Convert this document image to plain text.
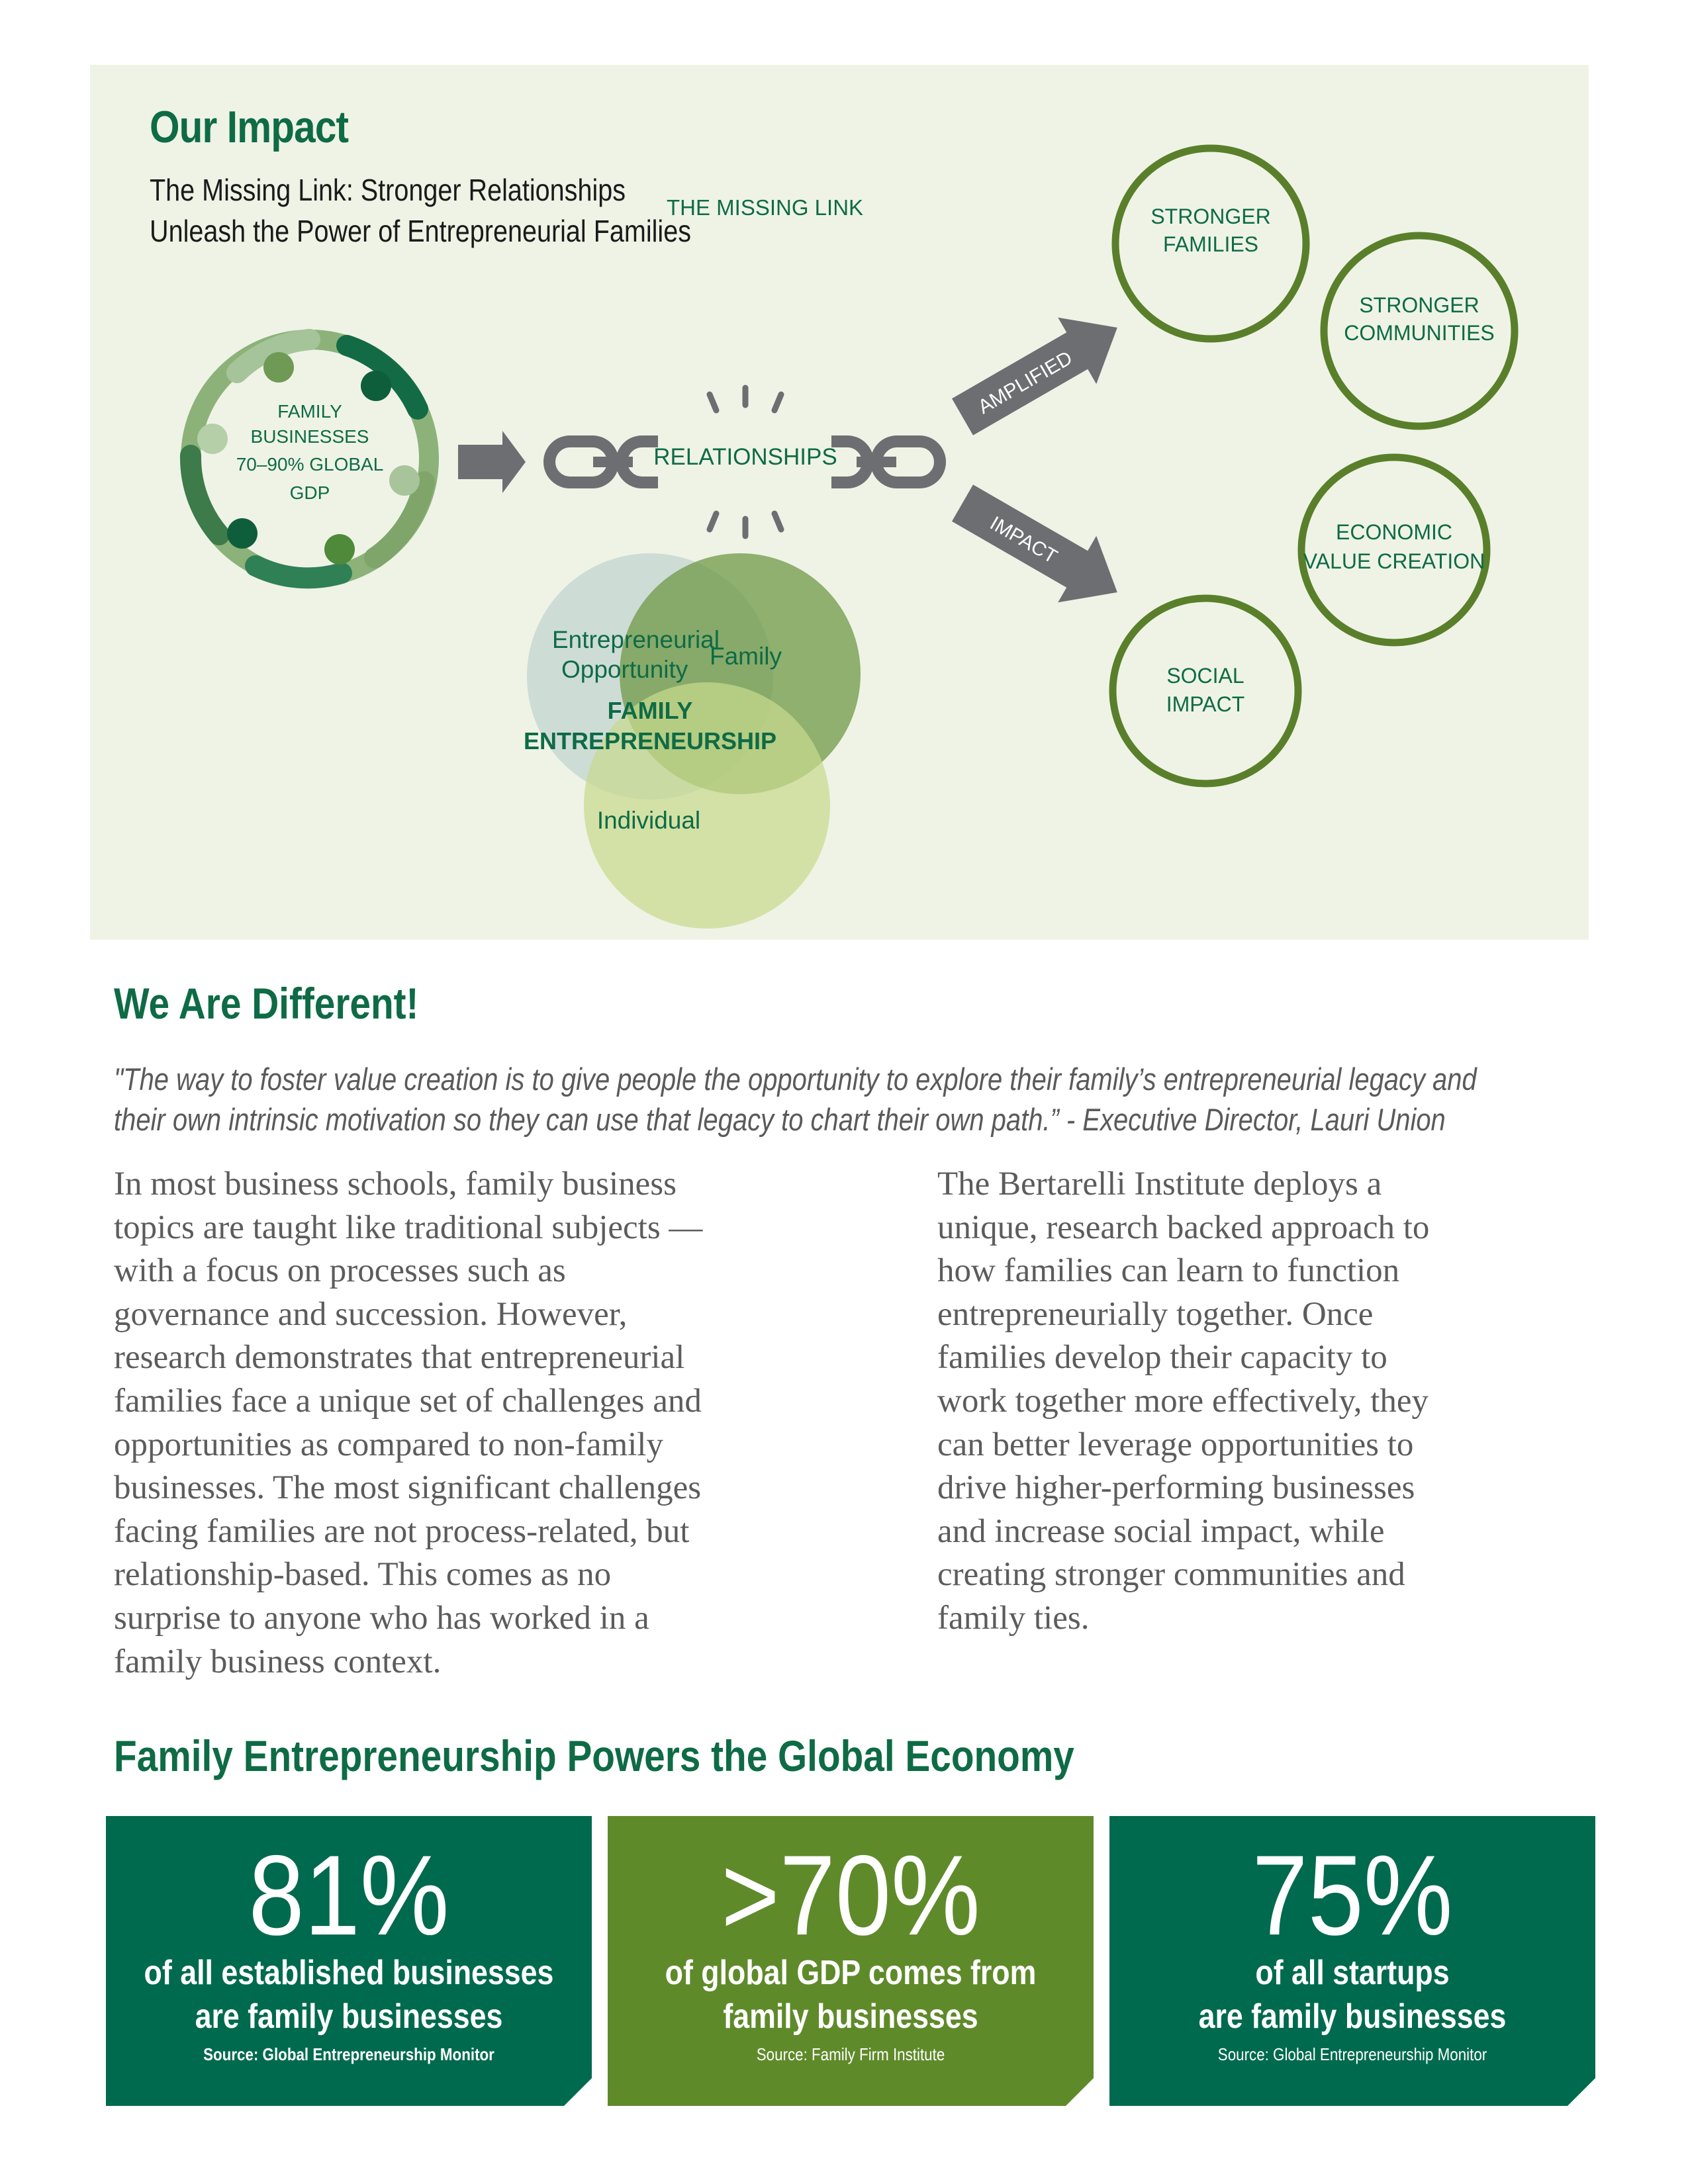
Our Impact
The Missing Link: Stronger Relationships
Unleash the Power of Entrepreneurial Families
FAMILY
BUSINESSES
70–90% GLOBAL
GDP
THE MISSING LINK
RELATIONSHIPS
AMPLIFIED
IMPACT
STRONGER
FAMILIES
STRONGER
COMMUNITIES
ECONOMIC
VALUE CREATION
SOCIAL
IMPACT
Entrepreneurial
Opportunity Family
FAMILY
ENTREPRENEURSHIP
Individual
We Are Different!
"The way to foster value creation is to give people the opportunity to explore their family’s entrepreneurial legacy and
their own intrinsic motivation so they can use that legacy to chart their own path.” - Executive Director, Lauri Union
In most business schools, family business
topics are taught like traditional subjects —
with a focus on processes such as
governance and succession. However,
research demonstrates that entrepreneurial
families face a unique set of challenges and
opportunities as compared to non-family
businesses. The most significant challenges
facing families are not process-related, but
relationship-based. This comes as no
surprise to anyone who has worked in a
family business context.
The Bertarelli Institute deploys a
unique, research backed approach to
how families can learn to function
entrepreneurially together. Once
families develop their capacity to
work together more effectively, they
can better leverage opportunities to
drive higher-performing businesses
and increase social impact, while
creating stronger communities and
family ties.
Family Entrepreneurship Powers the Global Economy
81%
of all established businesses
are family businesses
Source: Global Entrepreneurship Monitor
>70%
of global GDP comes from
family businesses
Source: Family Firm Institute
75%
of all startups
are family businesses
Source: Global Entrepreneurship Monitor
